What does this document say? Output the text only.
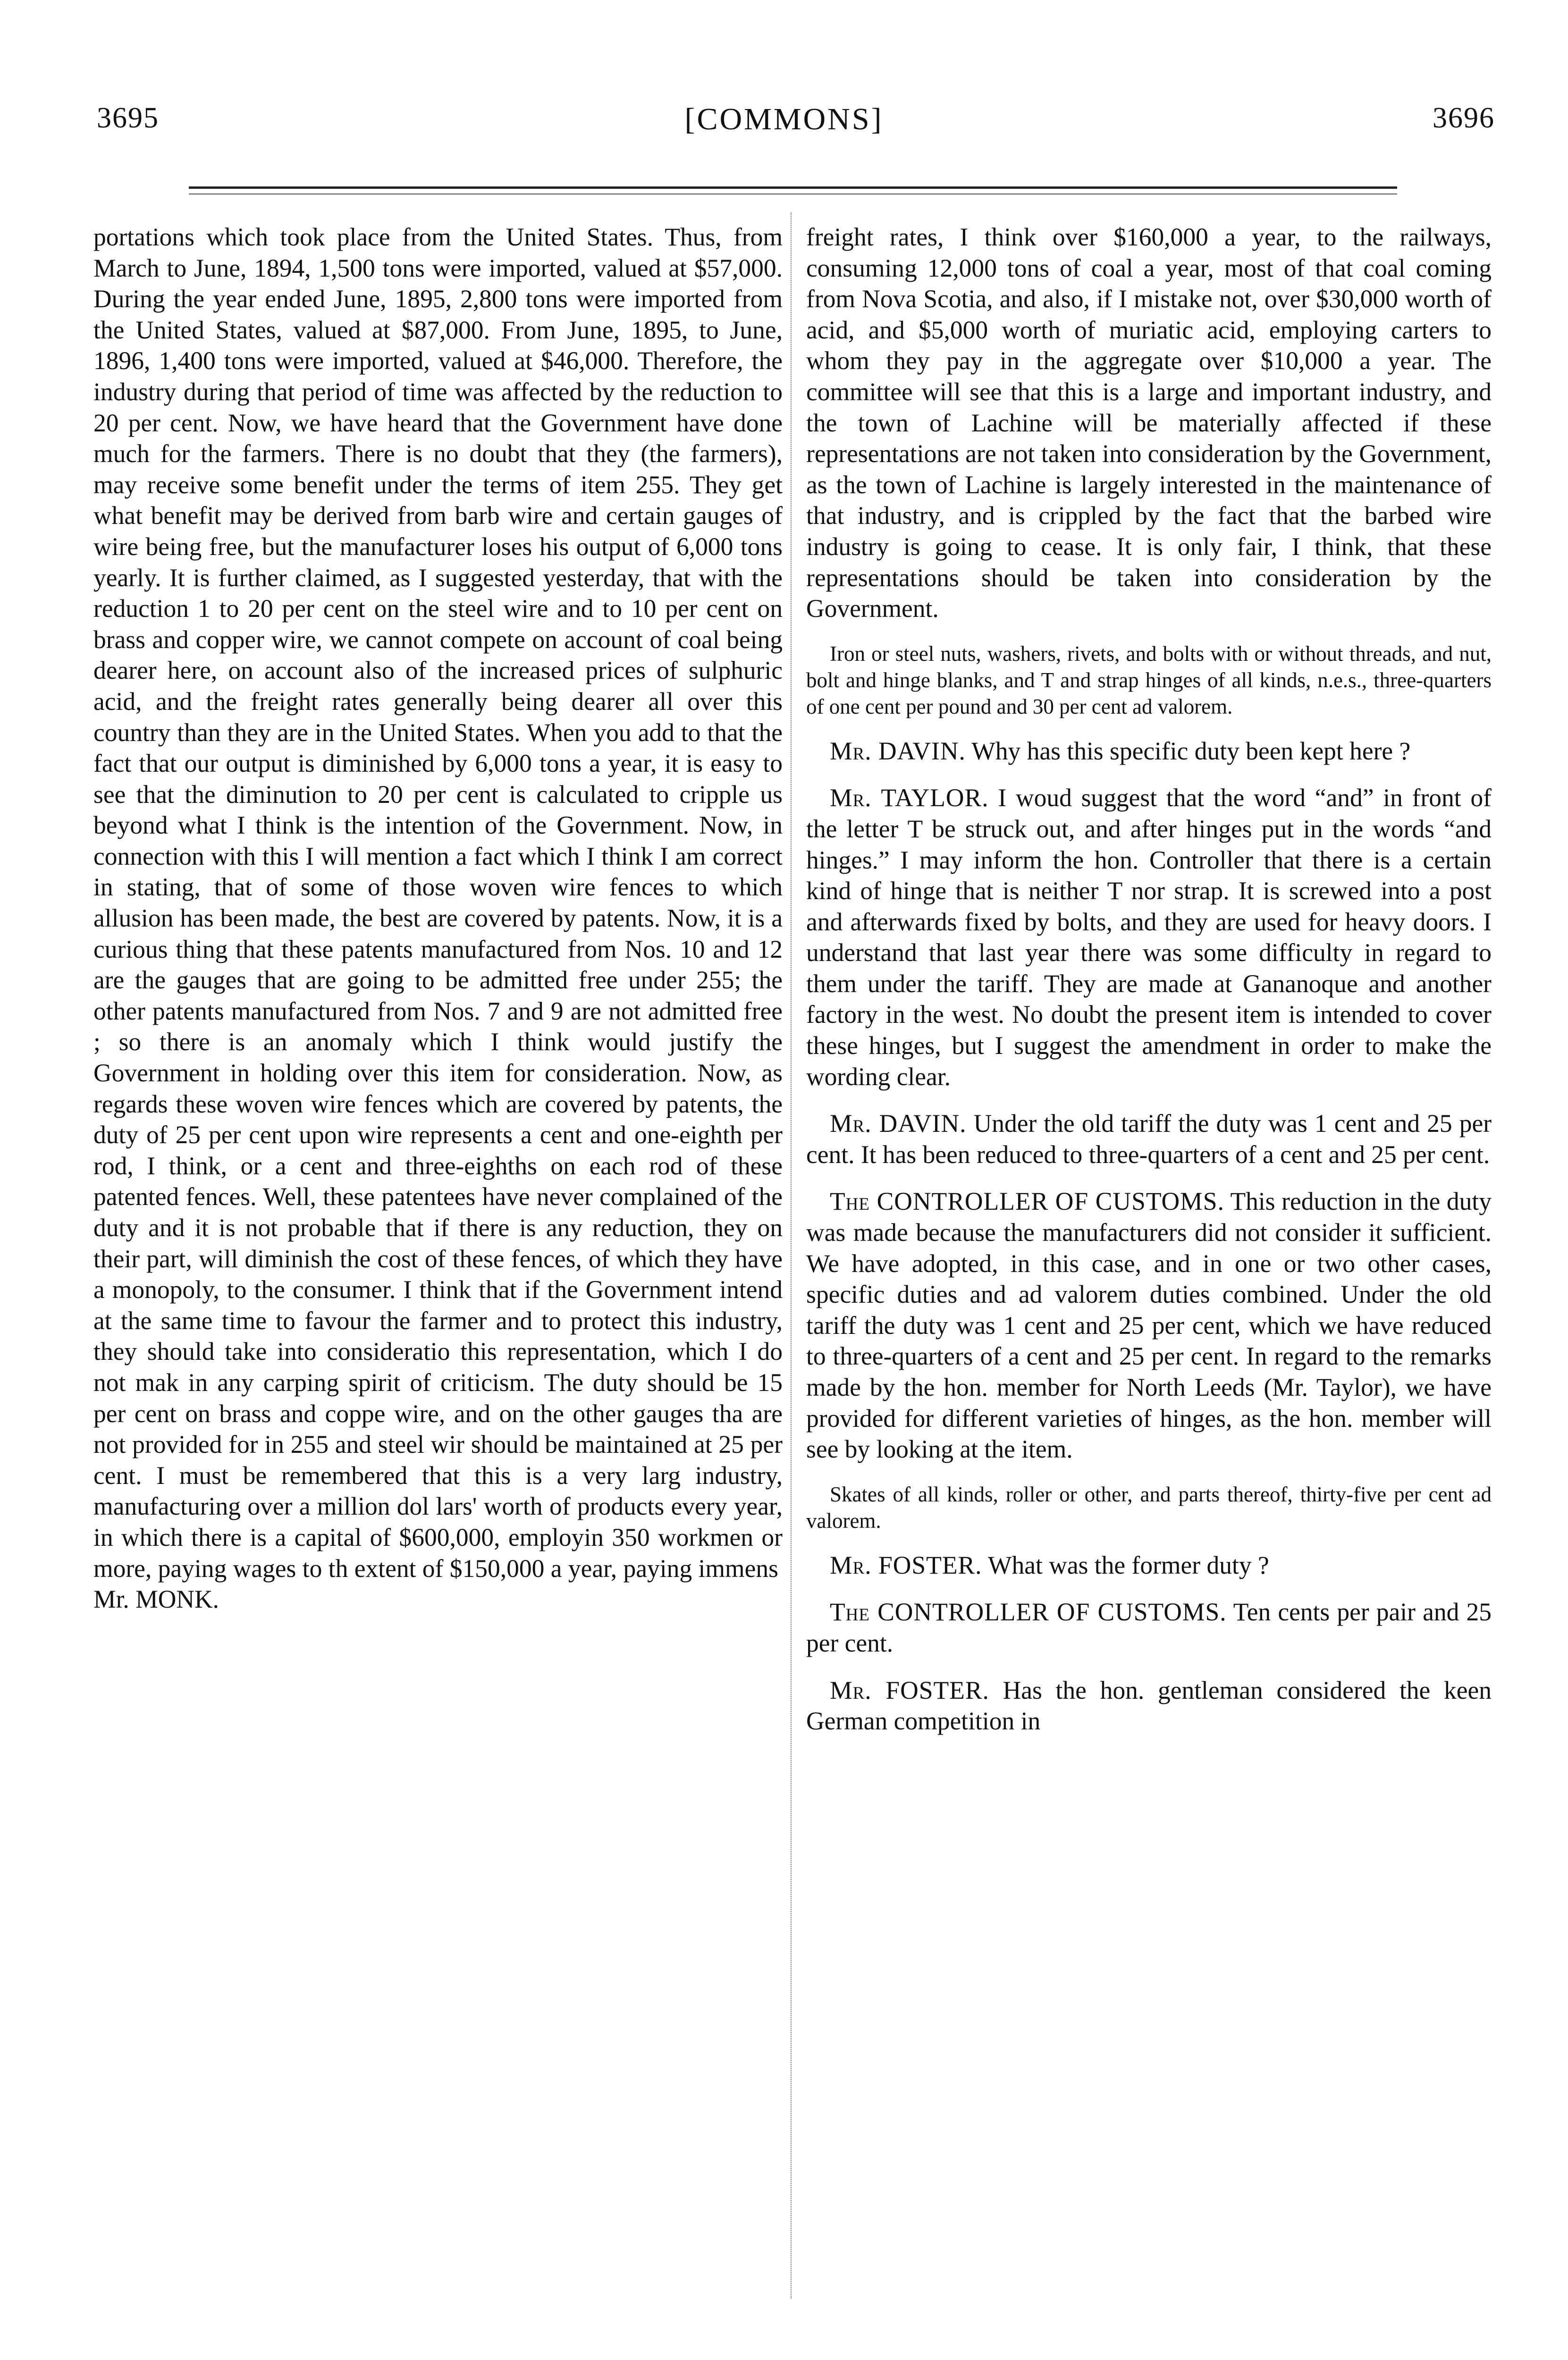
3695	[COMMONS]	3696

portations which took place from the United States. Thus, from March to June, 1894, 1,500 tons were imported, valued at $57,000. During the year ended June, 1895, 2,800 tons were imported from the United States, valued at $87,000. From June, 1895, to June, 1896, 1,400 tons were imported, valued at $46,000. Therefore, the industry during that period of time was affected by the reduction to 20 per cent. Now, we have heard that the Government have done much for the farmers. There is no doubt that they (the farmers), may receive some benefit under the terms of item 255. They get what benefit may be derived from barb wire and certain gauges of wire being free, but the manufacturer loses his output of 6,000 tons yearly. It is further claimed, as I suggested yesterday, that with the reduction 1 to 20 per cent on the steel wire and to 10 per cent on brass and copper wire, we cannot compete on account of coal being dearer here, on account also of the increased prices of sulphuric acid, and the freight rates generally being dearer all over this country than they are in the United States. When you add to that the fact that our output is diminished by 6,000 tons a year, it is easy to see that the diminution to 20 per cent is calculated to cripple us beyond what I think is the intention of the Government. Now, in connection with this I will mention a fact which I think I am correct in stating, that of some of those woven wire fences to which allusion has been made, the best are covered by patents. Now, it is a curious thing that these patents manufactured from Nos. 10 and 12 are the gauges that are going to be admitted free under 255; the other patents manufactured from Nos. 7 and 9 are not admitted free ; so there is an anomaly which I think would justify the Government in holding over this item for consideration. Now, as regards these woven wire fences which are covered by patents, the duty of 25 per cent upon wire represents a cent and one-eighth per rod, I think, or a cent and three-eighths on each rod of these patented fences. Well, these patentees have never complained of the duty and it is not probable that if there is any reduction, they on their part, will diminish the cost of these fences, of which they have a monopoly, to the consumer. I think that if the Government intend at the same time to favour the farmer and to protect this industry, they should take into consideratio this representation, which I do not mak in any carping spirit of criticism. The duty should be 15 per cent on brass and coppe wire, and on the other gauges tha are not provided for in 255 and steel wir should be maintained at 25 per cent. I must be remembered that this is a very larg industry, manufacturing over a million dol lars' worth of products every year, in which there is a capital of $600,000, employin 350 workmen or more, paying wages to th extent of $150,000 a year, paying immens

Mr. MONK.

freight rates, I think over $160,000 a year, to the railways, consuming 12,000 tons of coal a year, most of that coal coming from Nova Scotia, and also, if I mistake not, over $30,000 worth of acid, and $5,000 worth of muriatic acid, employing carters to whom they pay in the aggregate over $10,000 a year. The committee will see that this is a large and important industry, and the town of Lachine will be materially affected if these representations are not taken into consideration by the Government, as the town of Lachine is largely interested in the maintenance of that industry, and is crippled by the fact that the barbed wire industry is going to cease. It is only fair, I think, that these representations should be taken into consideration by the Government.

Iron or steel nuts, washers, rivets, and bolts with or without threads, and nut, bolt and hinge blanks, and T and strap hinges of all kinds, n.e.s., three-quarters of one cent per pound and 30 per cent ad valorem.

Mr. DAVIN. Why has this specific duty been kept here ?

Mr. TAYLOR. I woud suggest that the word “and” in front of the letter T be struck out, and after hinges put in the words “and hinges.” I may inform the hon. Controller that there is a certain kind of hinge that is neither T nor strap. It is screwed into a post and afterwards fixed by bolts, and they are used for heavy doors. I understand that last year there was some difficulty in regard to them under the tariff. They are made at Gananoque and another factory in the west. No doubt the present item is intended to cover these hinges, but I suggest the amendment in order to make the wording clear.

Mr. DAVIN. Under the old tariff the duty was 1 cent and 25 per cent. It has been reduced to three-quarters of a cent and 25 per cent.

The CONTROLLER OF CUSTOMS. This reduction in the duty was made because the manufacturers did not consider it sufficient. We have adopted, in this case, and in one or two other cases, specific duties and ad valorem duties combined. Under the old tariff the duty was 1 cent and 25 per cent, which we have reduced to three-quarters of a cent and 25 per cent. In regard to the remarks made by the hon. member for North Leeds (Mr. Taylor), we have provided for different varieties of hinges, as the hon. member will see by looking at the item.

Skates of all kinds, roller or other, and parts thereof, thirty-five per cent ad valorem.

Mr. FOSTER. What was the former duty ?

The CONTROLLER OF CUSTOMS. Ten cents per pair and 25 per cent.

Mr. FOSTER. Has the hon. gentleman considered the keen German competition in
